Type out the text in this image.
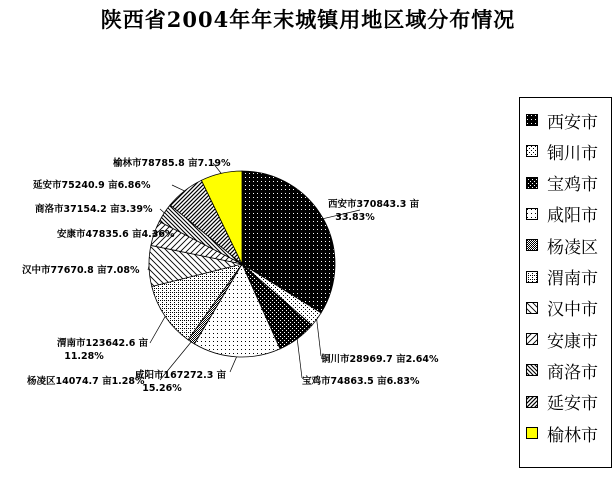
陕西省2004年年末城镇用地区域分布情况
西安市370843.3 亩 33.83%
铜川市28969.7 亩2.64%
宝鸡市74863.5 亩6.83%
咸阳市167272.3 亩 15.26%
杨凌区14074.7 亩1.28%
渭南市123642.6 亩 11.28%
汉中市77670.8 亩7.08%
安康市47835.6 亩4.36%
商洛市37154.2 亩3.39%
延安市75240.9 亩6.86%
榆林市78785.8 亩7.19%
西安市
铜川市
宝鸡市
咸阳市
杨凌区
渭南市
汉中市
安康市
商洛市
延安市
榆林市
